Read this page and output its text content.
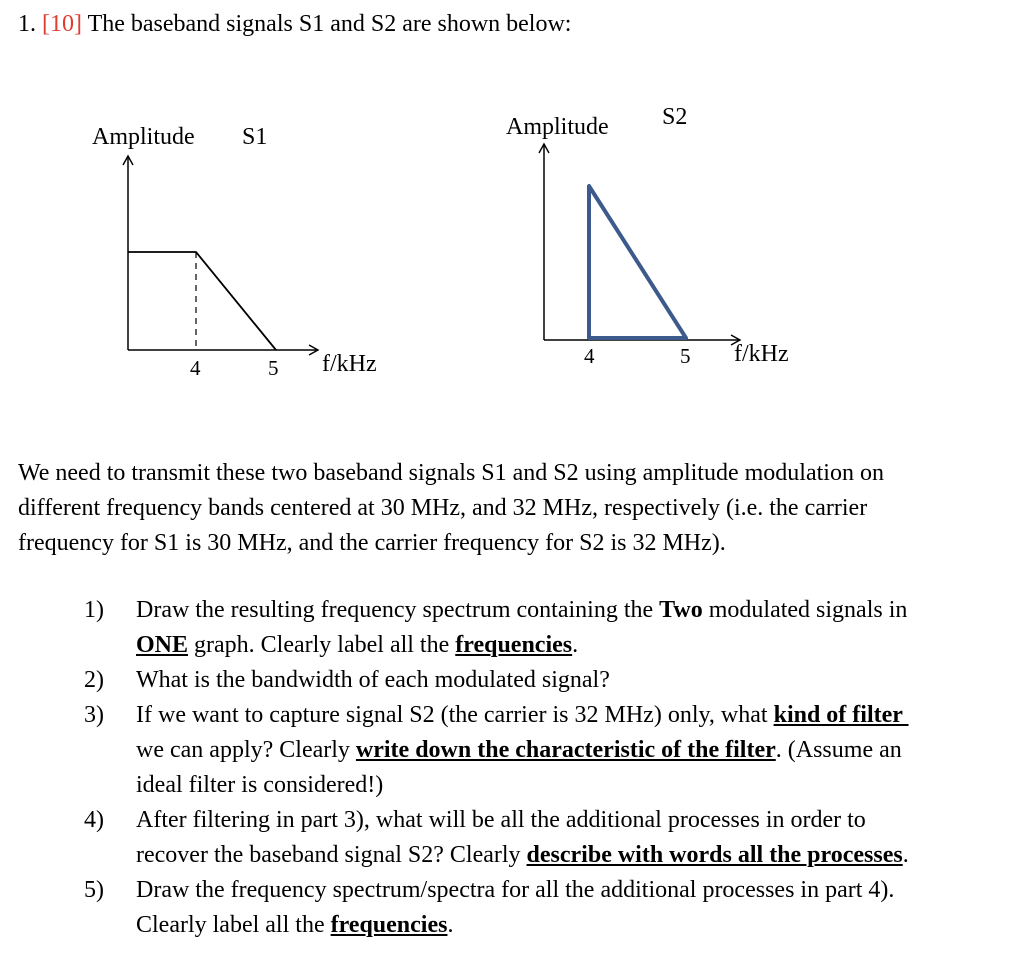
1. [10] The baseband signals S1 and S2 are shown below:
Amplitude S1
4	5 f/kHz
Amplitude S2
4	5 f/kHz
We need to transmit these two baseband signals S1 and S2 using amplitude modulation on
different frequency bands centered at 30 MHz, and 32 MHz, respectively (i.e. the carrier
frequency for S1 is 30 MHz, and the carrier frequency for S2 is 32 MHz).
1) Draw the resulting frequency spectrum containing the Two modulated signals in
ONE graph. Clearly label all the frequencies.
2) What is the bandwidth of each modulated signal?
3) If we want to capture signal S2 (the carrier is 32 MHz) only, what kind of filter
we can apply? Clearly write down the characteristic of the filter. (Assume an
ideal filter is considered!)
4) After filtering in part 3), what will be all the additional processes in order to
recover the baseband signal S2? Clearly describe with words all the processes.
5) Draw the frequency spectrum/spectra for all the additional processes in part 4).
Clearly label all the frequencies.
